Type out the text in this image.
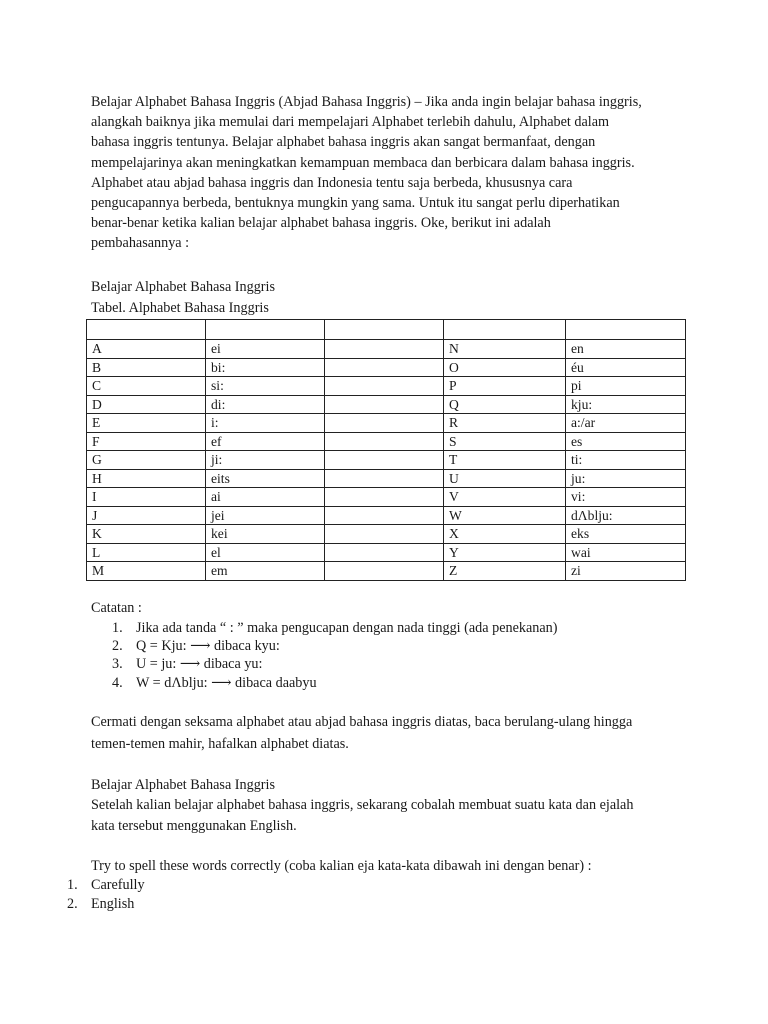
Belajar Alphabet Bahasa Inggris (Abjad Bahasa Inggris) – Jika anda ingin belajar bahasa inggris,
alangkah baiknya jika memulai dari mempelajari Alphabet terlebih dahulu, Alphabet dalam
bahasa inggris tentunya. Belajar alphabet bahasa inggris akan sangat bermanfaat, dengan
mempelajarinya akan meningkatkan kemampuan membaca dan berbicara dalam bahasa inggris.
Alphabet atau abjad bahasa inggris dan Indonesia tentu saja berbeda, khususnya cara
pengucapannya berbeda, bentuknya mungkin yang sama. Untuk itu sangat perlu diperhatikan
benar-benar ketika kalian belajar alphabet bahasa inggris. Oke, berikut ini adalah
pembahasannya :

Belajar Alphabet Bahasa Inggris
Tabel. Alphabet Bahasa Inggris

A	ei		N	en
B	bi:		O	éu
C	si:		P	pi
D	di:		Q	kju:
E	i:		R	a:/ar
F	ef		S	es
G	ji:		T	ti:
H	eits		U	ju:
I	ai		V	vi:
J	jei		W	dΛblju:
K	kei		X	eks
L	el		Y	wai
M	em		Z	zi
Catatan :
1. Jika ada tanda “ : ” maka pengucapan dengan nada tinggi (ada penekanan)
2. Q = Kju: ⟶ dibaca kyu:
3. U = ju: ⟶ dibaca yu:
4. W = dΛblju: ⟶ dibaca daabyu

Cermati dengan seksama alphabet atau abjad bahasa inggris diatas, baca berulang-ulang hingga
temen-temen mahir, hafalkan alphabet diatas.

Belajar Alphabet Bahasa Inggris

Setelah kalian belajar alphabet bahasa inggris, sekarang cobalah membuat suatu kata dan ejalah
kata tersebut menggunakan English.

Try to spell these words correctly (coba kalian eja kata-kata dibawah ini dengan benar) :
1. Carefully
2. English
